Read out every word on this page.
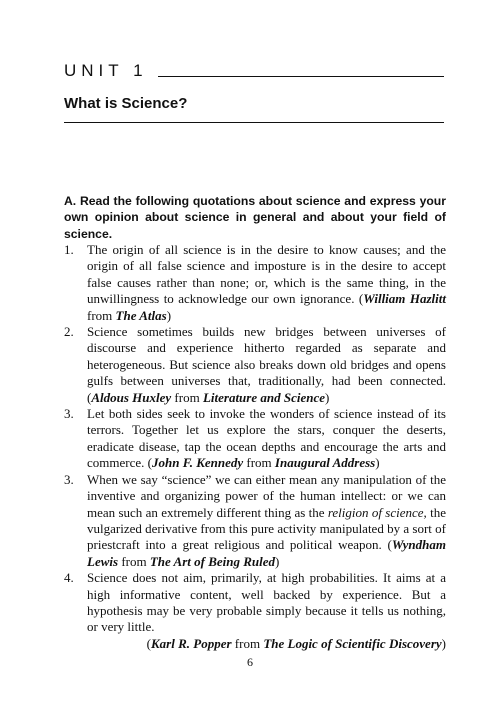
UNIT 1
What is Science?
A. Read the following quotations about science and express your own opinion about science in general and about your field of science.
1. The origin of all science is in the desire to know causes; and the origin of all false science and imposture is in the desire to accept false causes rather than none; or, which is the same thing, in the unwillingness to acknowledge our own ignorance. (William Hazlitt from The Atlas)
2. Science sometimes builds new bridges between universes of discourse and experience hitherto regarded as separate and heterogeneous. But science also breaks down old bridges and opens gulfs between universes that, traditionally, had been connected. (Aldous Huxley from Literature and Science)
3. Let both sides seek to invoke the wonders of science instead of its terrors. Together let us explore the stars, conquer the deserts, eradicate disease, tap the ocean depths and encourage the arts and commerce. (John F. Kennedy from Inaugural Address)
3. When we say “science” we can either mean any manipulation of the inventive and organizing power of the human intellect: or we can mean such an extremely different thing as the religion of science, the vulgarized derivative from this pure activity manipulated by a sort of priestcraft into a great religious and political weapon. (Wyndham Lewis from The Art of Being Ruled)
4. Science does not aim, primarily, at high probabilities. It aims at a high informative content, well backed by experience. But a hypothesis may be very probable simply because it tells us nothing, or very little.
(Karl R. Popper from The Logic of Scientific Discovery)
6
